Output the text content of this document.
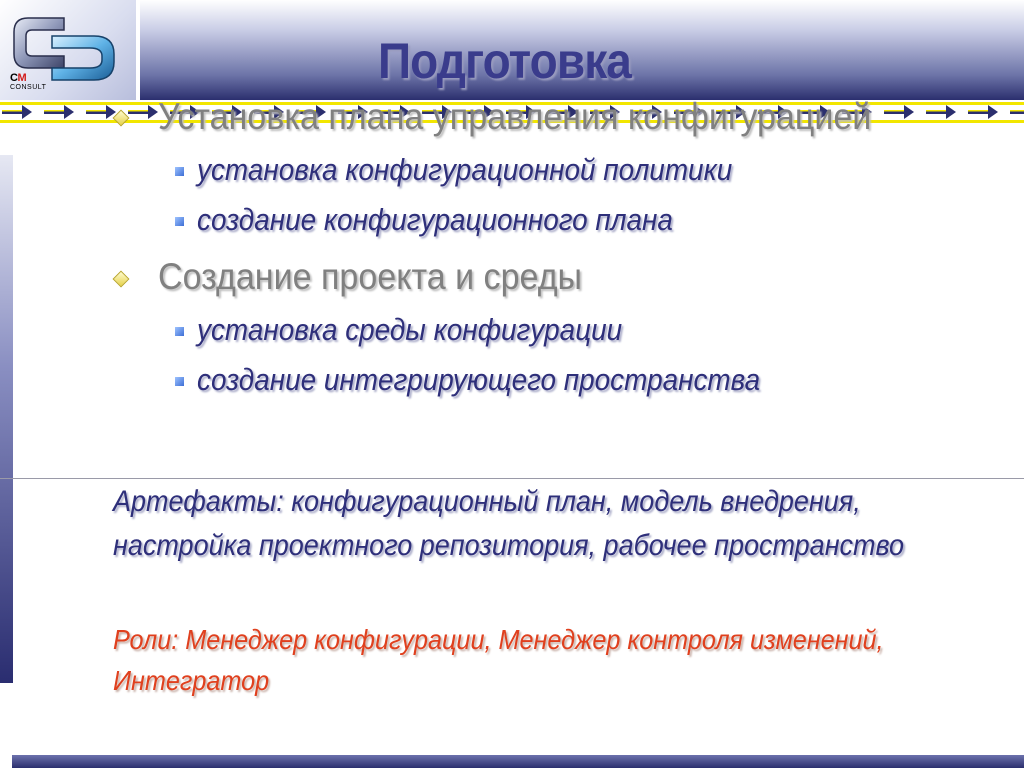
CM
CONSULT	Подготовка
Установка плана управления конфигурацией
установка конфигурационной политики
создание конфигурационного плана
Создание проекта и среды
установка среды конфигурации
создание интегрирующего пространства
Артефакты: конфигурационный план, модель внедрения, настройка проектного репозитория, рабочее пространство
Роли: Менеджер конфигурации, Менеджер контроля изменений, Интегратор
